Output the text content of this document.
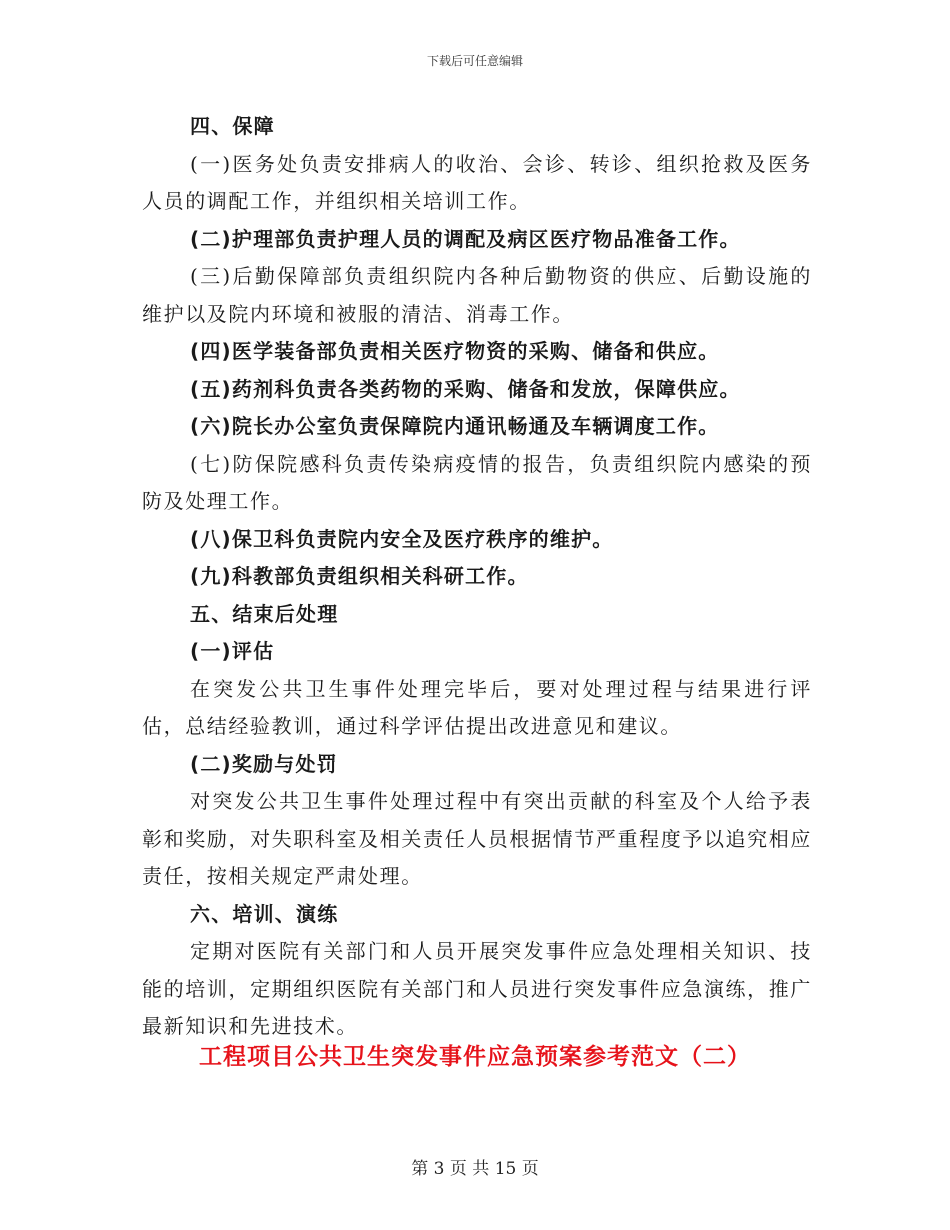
下载后可任意编辑

四、保障

(一)医务处负责安排病人的收治、会诊、转诊、组织抢救及医务人员的调配工作，并组织相关培训工作。

(二)护理部负责护理人员的调配及病区医疗物品准备工作。

(三)后勤保障部负责组织院内各种后勤物资的供应、后勤设施的维护以及院内环境和被服的清洁、消毒工作。

(四)医学装备部负责相关医疗物资的采购、储备和供应。

(五)药剂科负责各类药物的采购、储备和发放，保障供应。

(六)院长办公室负责保障院内通讯畅通及车辆调度工作。

(七)防保院感科负责传染病疫情的报告，负责组织院内感染的预防及处理工作。

(八)保卫科负责院内安全及医疗秩序的维护。

(九)科教部负责组织相关科研工作。

五、结束后处理

(一)评估

在突发公共卫生事件处理完毕后，要对处理过程与结果进行评估，总结经验教训，通过科学评估提出改进意见和建议。

(二)奖励与处罚

对突发公共卫生事件处理过程中有突出贡献的科室及个人给予表彰和奖励，对失职科室及相关责任人员根据情节严重程度予以追究相应责任，按相关规定严肃处理。

六、培训、演练

定期对医院有关部门和人员开展突发事件应急处理相关知识、技能的培训，定期组织医院有关部门和人员进行突发事件应急演练，推广最新知识和先进技术。

工程项目公共卫生突发事件应急预案参考范文（二）
第 3 页 共 15 页
